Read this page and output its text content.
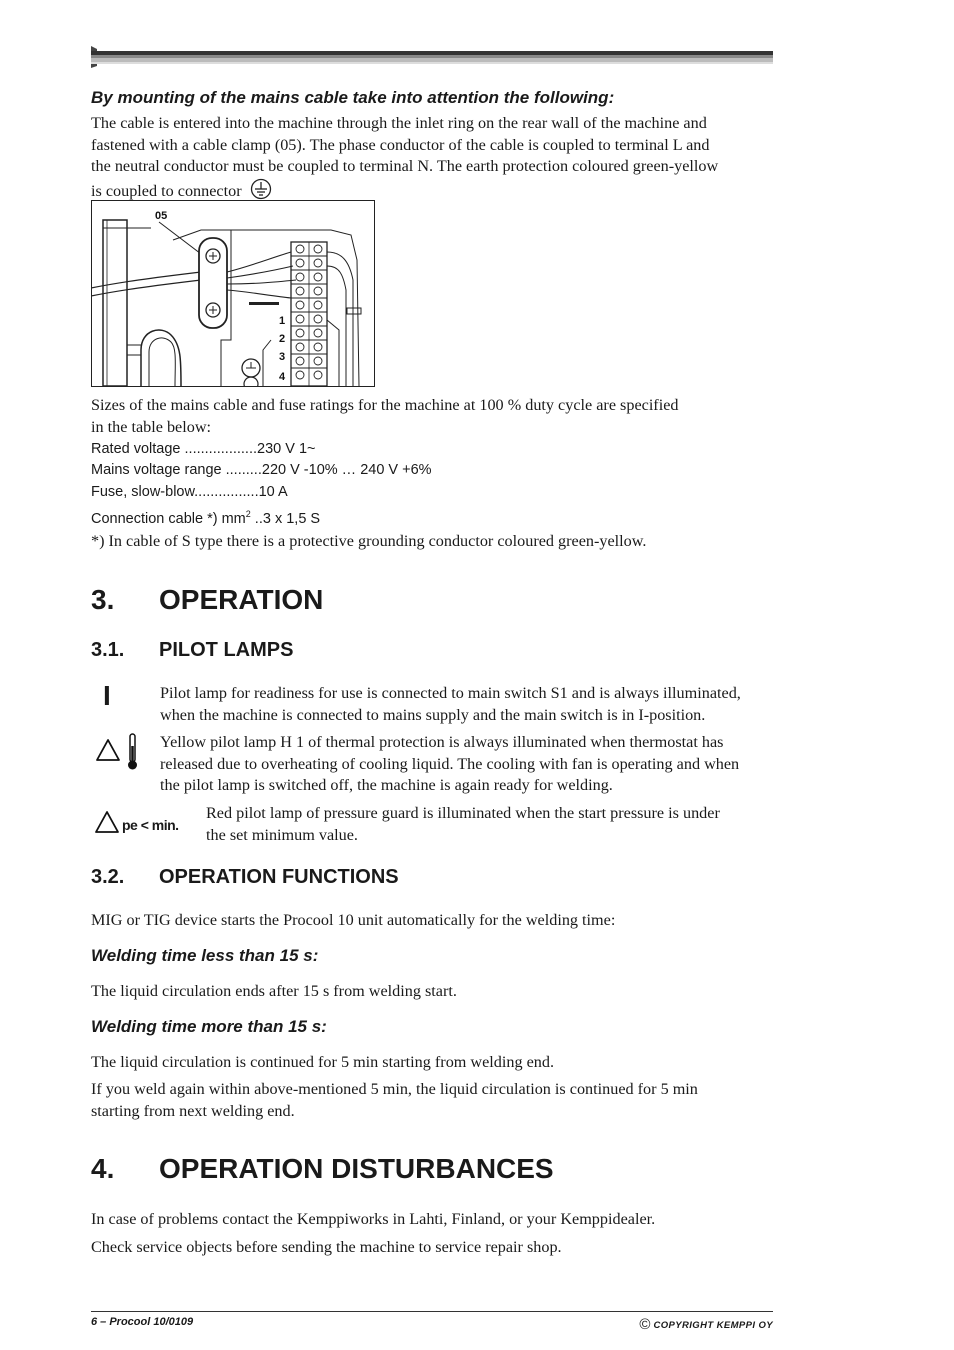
By mounting of the mains cable take into attention the following:
The cable is entered into the machine through the inlet ring on the rear wall of the machine and
fastened with a cable clamp (05). The phase conductor of the cable is coupled to terminal L and
the neutral conductor must be coupled to terminal N. The earth protection coloured green-yellow
is coupled to connector
05
1
2
3
4
Sizes of the mains cable and fuse ratings for the machine at 100 % duty cycle are specified
in the table below:
Rated voltage ..................230 V 1~
Mains voltage range .........220 V -10% … 240 V +6%
Fuse, slow-blow................10 A
Connection cable *) $mm^2$ ..3 x 1,5 S
*) In cable of S type there is a protective grounding conductor coloured green-yellow.
3. OPERATION
3.1. PILOT LAMPS
I	Pilot lamp for readiness for use is connected to main switch S1 and is always illuminated,
when the machine is connected to mains supply and the main switch is in I-position.
Yellow pilot lamp H 1 of thermal protection is always illuminated when thermostat has
released due to overheating of cooling liquid. The cooling with fan is operating and when
the pilot lamp is switched off, the machine is again ready for welding.
pe < min.
Red pilot lamp of pressure guard is illuminated when the start pressure is under
the set minimum value.
3.2. OPERATION FUNCTIONS
MIG or TIG device starts the Procool 10 unit automatically for the welding time:
Welding time less than 15 s:
The liquid circulation ends after 15 s from welding start.
Welding time more than 15 s:
The liquid circulation is continued for 5 min starting from welding end.
If you weld again within above-mentioned 5 min, the liquid circulation is continued for 5 min
starting from next welding end.
4. OPERATION DISTURBANCES
In case of problems contact the Kemppiworks in Lahti, Finland, or your Kemppidealer.
Check service objects before sending the machine to service repair shop.
6 – Procool 10/0109	© COPYRIGHT KEMPPI OY
